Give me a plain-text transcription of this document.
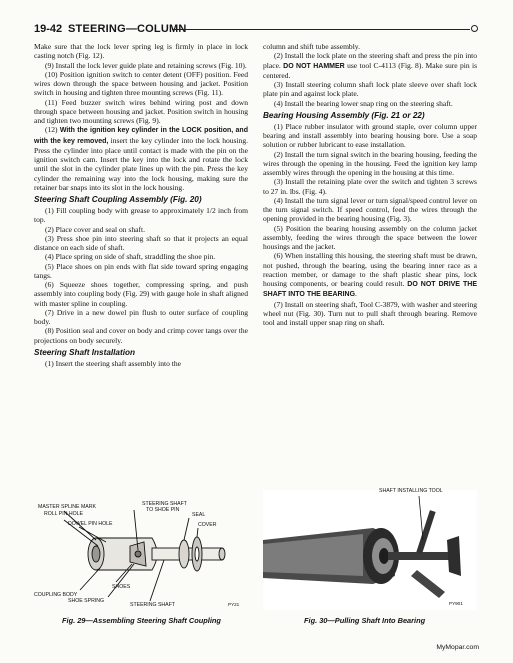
19-42 STEERING—COLUMN

Make sure that the lock lever spring leg is firmly in place in lock casting notch (Fig. 12).

(9) Install the lock lever guide plate and retaining screws (Fig. 10).

(10) Position ignition switch to center detent (OFF) position. Feed wires down through the space between housing and jacket. Position switch in housing and tighten three mounting screws (Fig. 11).

(11) Feed buzzer switch wires behind wiring post and down through space between housing and jacket. Position switch in housing and tighten two mounting screws (Fig. 9).

(12) With the ignition key cylinder in the LOCK position, and with the key removed, insert the key cylinder into the lock housing. Press the cylinder into place until contact is made with the pin on the ignition switch cam. Insert the key into the lock and rotate the lock until the slot in the cylinder plate lines up with the pin. Press the key cylinder the remaining way into the lock housing, making sure the retainer bar snaps into its slot in the lock housing.

Steering Shaft Coupling Assembly (Fig. 20)

(1) Fill coupling body with grease to approximately 1/2 inch from top.

(2) Place cover and seal on shaft.

(3) Press shoe pin into steering shaft so that it projects an equal distance on each side of shaft.

(4) Place spring on side of shaft, straddling the shoe pin.

(5) Place shoes on pin ends with flat side toward spring engaging tangs.

(6) Squeeze shoes together, compressing spring, and push assembly into coupling body (Fig. 29) with gauge hole in shaft aligned with master spline in coupling.

(7) Drive in a new dowel pin flush to outer surface of coupling body.

(8) Position seal and cover on body and crimp cover tangs over the projections on body securely.

Steering Shaft Installation

(1) Insert the steering shaft assembly into the

column and shift tube assembly.

(2) Install the lock plate on the steering shaft and press the pin into place. DO NOT HAMMER use tool C-4113 (Fig. 8). Make sure pin is centered.

(3) Install steering column shaft lock plate sleeve over shaft lock plate pin and against lock plate.

(4) Install the bearing lower snap ring on the steering shaft.

Bearing Housing Assembly (Fig. 21 or 22)

(1) Place rubber insulator with ground staple, over column upper bearing and install assembly into bearing housing bore. Use a soap solution or rubber lubricant to ease installation.

(2) Install the turn signal switch in the bearing housing, feeding the wires through the opening in the housing. Feed the ignition key lamp assembly wires through the opening in the housing at this time.

(3) Install the retaining plate over the switch and tighten 3 screws to 27 in. lbs. (Fig. 4).

(4) Install the turn signal lever or turn signal/speed control lever on the turn signal switch. If speed control, feed the wires through the opening provided in the bearing housing (Fig. 3).

(5) Position the bearing housing assembly on the column jacket assembly, feeding the wires through the space between the lower housings and the jacket.

(6) When installing this housing, the steering shaft must be drawn, not pushed, through the bearing, using the bearing inner race as a reaction member, or damage to the shaft plastic shear pins, lock housing components, or bearing could result. DO NOT DRIVE THE SHAFT INTO THE BEARING.

(7) Install on steering shaft, Tool C-3879, with washer and steering wheel nut (Fig. 30). Turn nut to pull shaft through bearing. Remove tool and install upper snap ring on shaft.

MASTER SPLINE MARK
ROLL PIN HOLE
STEERING SHAFT
TO SHOE PIN
SEAL
DOWEL PIN HOLE	COVER
SHOES
COUPLING BODY
SHOE SPRING
STEERING SHAFT	PY21
SHAFT INSTALLING TOOL
PY901
Fig. 29—Assembling Steering Shaft Coupling	Fig. 30—Pulling Shaft Into Bearing
MyMopar.com
